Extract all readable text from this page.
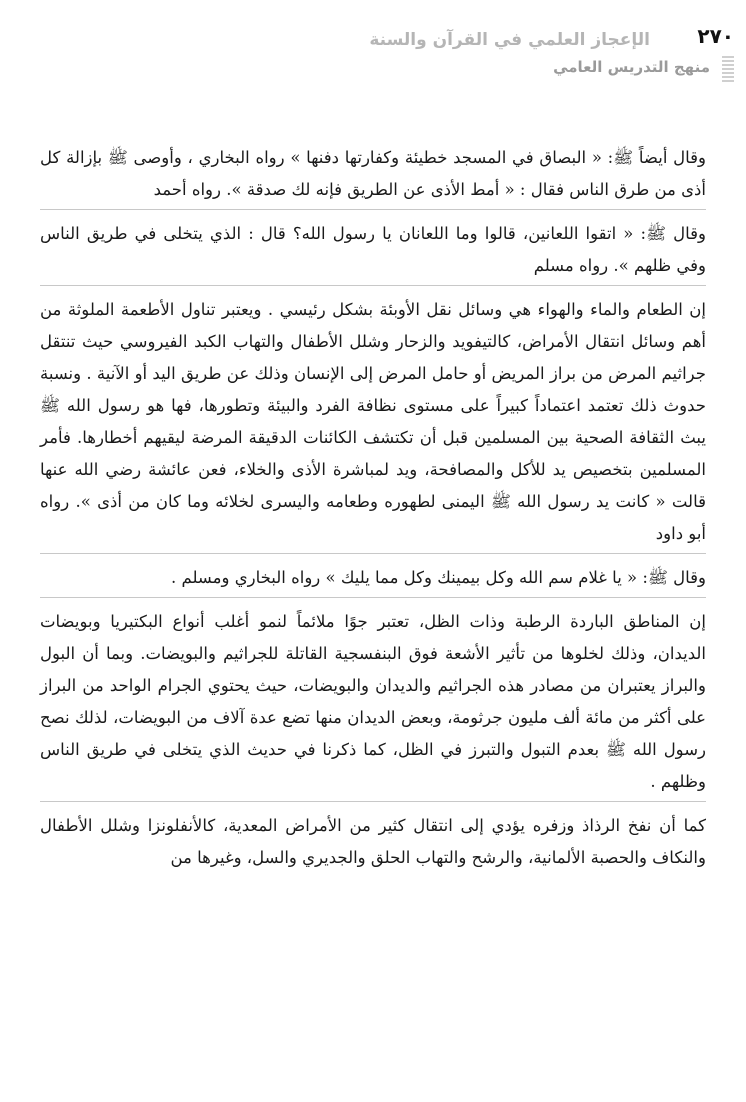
٢٧٠
الإعجاز العلمي في القرآن والسنة
منهج التدريس العامي

وقال أيضاً ﷺ: « البصاق في المسجد خطيئة وكفارتها دفنها » رواه البخاري ، وأوصى ﷺ بإزالة كل أذى من طرق الناس فقال : « أمط الأذى عن الطريق فإنه لك صدقة ». رواه أحمد

وقال ﷺ: « اتقوا اللعانين، قالوا وما اللعانان يا رسول الله؟ قال : الذي يتخلى في طريق الناس وفي ظلهم ». رواه مسلم

إن الطعام والماء والهواء هي وسائل نقل الأوبئة بشكل رئيسي . ويعتبر تناول الأطعمة الملوثة من أهم وسائل انتقال الأمراض، كالتيفويد والزحار وشلل الأطفال والتهاب الكبد الفيروسي حيث تنتقل جراثيم المرض من براز المريض أو حامل المرض إلى الإنسان وذلك عن طريق اليد أو الآنية . ونسبة حدوث ذلك تعتمد اعتماداً كبيراً على مستوى نظافة الفرد والبيئة وتطورها، فها هو رسول الله ﷺ يبث الثقافة الصحية بين المسلمين قبل أن تكتشف الكائنات الدقيقة المرضة ليقيهم أخطارها. فأمر المسلمين بتخصيص يد للأكل والمصافحة، ويد لمباشرة الأذى والخلاء، فعن عائشة رضي الله عنها قالت « كانت يد رسول الله ﷺ اليمنى لطهوره وطعامه واليسرى لخلائه وما كان من أذى ». رواه أبو داود

وقال ﷺ: « يا غلام سم الله وكل بيمينك وكل مما يليك » رواه البخاري ومسلم .

إن المناطق الباردة الرطبة وذات الظل، تعتبر جوًا ملائماً لنمو أغلب أنواع البكتيريا وبويضات الديدان، وذلك لخلوها من تأثير الأشعة فوق البنفسجية القاتلة للجراثيم والبويضات. وبما أن البول والبراز يعتبران من مصادر هذه الجراثيم والديدان والبويضات، حيث يحتوي الجرام الواحد من البراز على أكثر من مائة ألف مليون جرثومة، وبعض الديدان منها تضع عدة آلاف من البويضات، لذلك نصح رسول الله ﷺ بعدم التبول والتبرز في الظل، كما ذكرنا في حديث الذي يتخلى في طريق الناس وظلهم .

كما أن نفخ الرذاذ وزفره يؤدي إلى انتقال كثير من الأمراض المعدية، كالأنفلونزا وشلل الأطفال والنكاف والحصبة الألمانية، والرشح والتهاب الحلق والجديري والسل، وغيرها من
